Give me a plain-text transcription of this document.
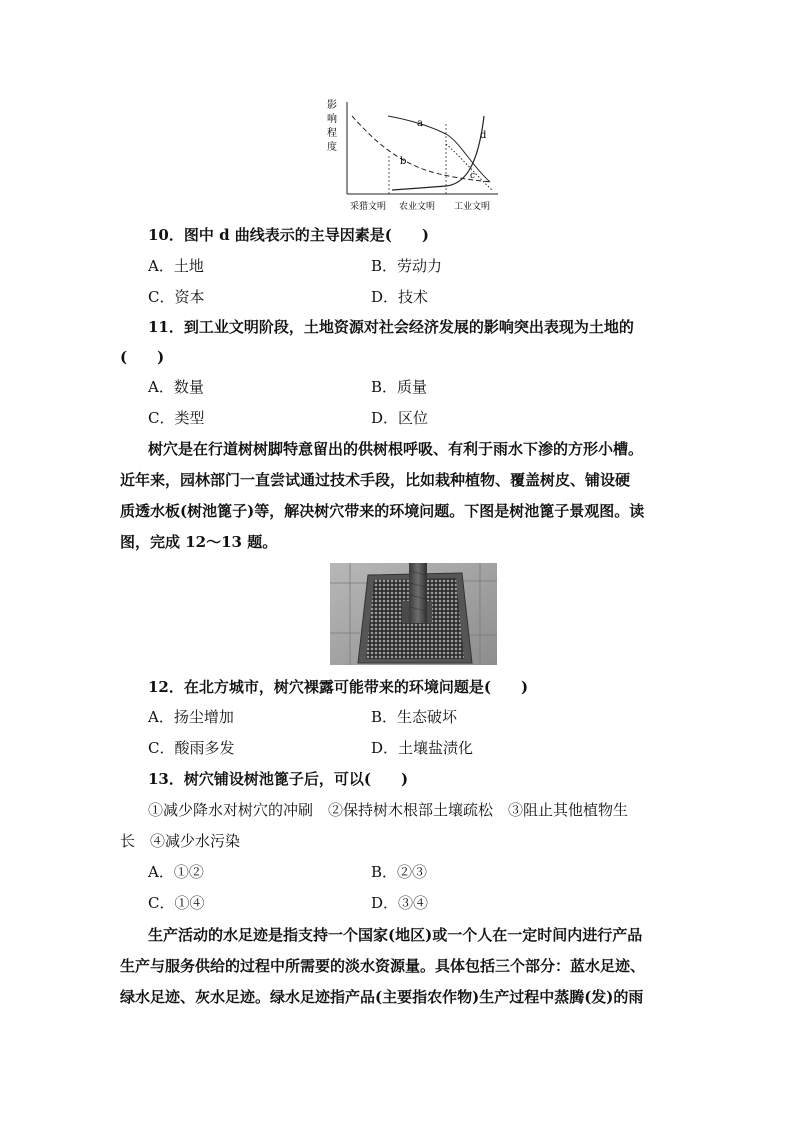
影
响
程
度
a
b
c
d
采猎文明 农业文明 工业文明
10．图中 d 曲线表示的主导因素是(　　)
A．土地	B．劳动力
C．资本	D．技术
11．到工业文明阶段，土地资源对社会经济发展的影响突出表现为土地的
(　　)
A．数量	B．质量
C．类型	D．区位
树穴是在行道树树脚特意留出的供树根呼吸、有利于雨水下渗的方形小槽。
近年来，园林部门一直尝试通过技术手段，比如栽种植物、覆盖树皮、铺设硬
质透水板(树池篦子)等，解决树穴带来的环境问题。下图是树池篦子景观图。读
图，完成 12～13 题。
12．在北方城市，树穴裸露可能带来的环境问题是(　　)
A．扬尘增加	B．生态破坏
C．酸雨多发	D．土壤盐渍化
13．树穴铺设树池篦子后，可以(　　)
①减少降水对树穴的冲刷　②保持树木根部土壤疏松　③阻止其他植物生
长　④减少水污染
A．①②	B．②③
C．①④	D．③④
生产活动的水足迹是指支持一个国家(地区)或一个人在一定时间内进行产品
生产与服务供给的过程中所需要的淡水资源量。具体包括三个部分：蓝水足迹、
绿水足迹、灰水足迹。绿水足迹指产品(主要指农作物)生产过程中蒸腾(发)的雨
